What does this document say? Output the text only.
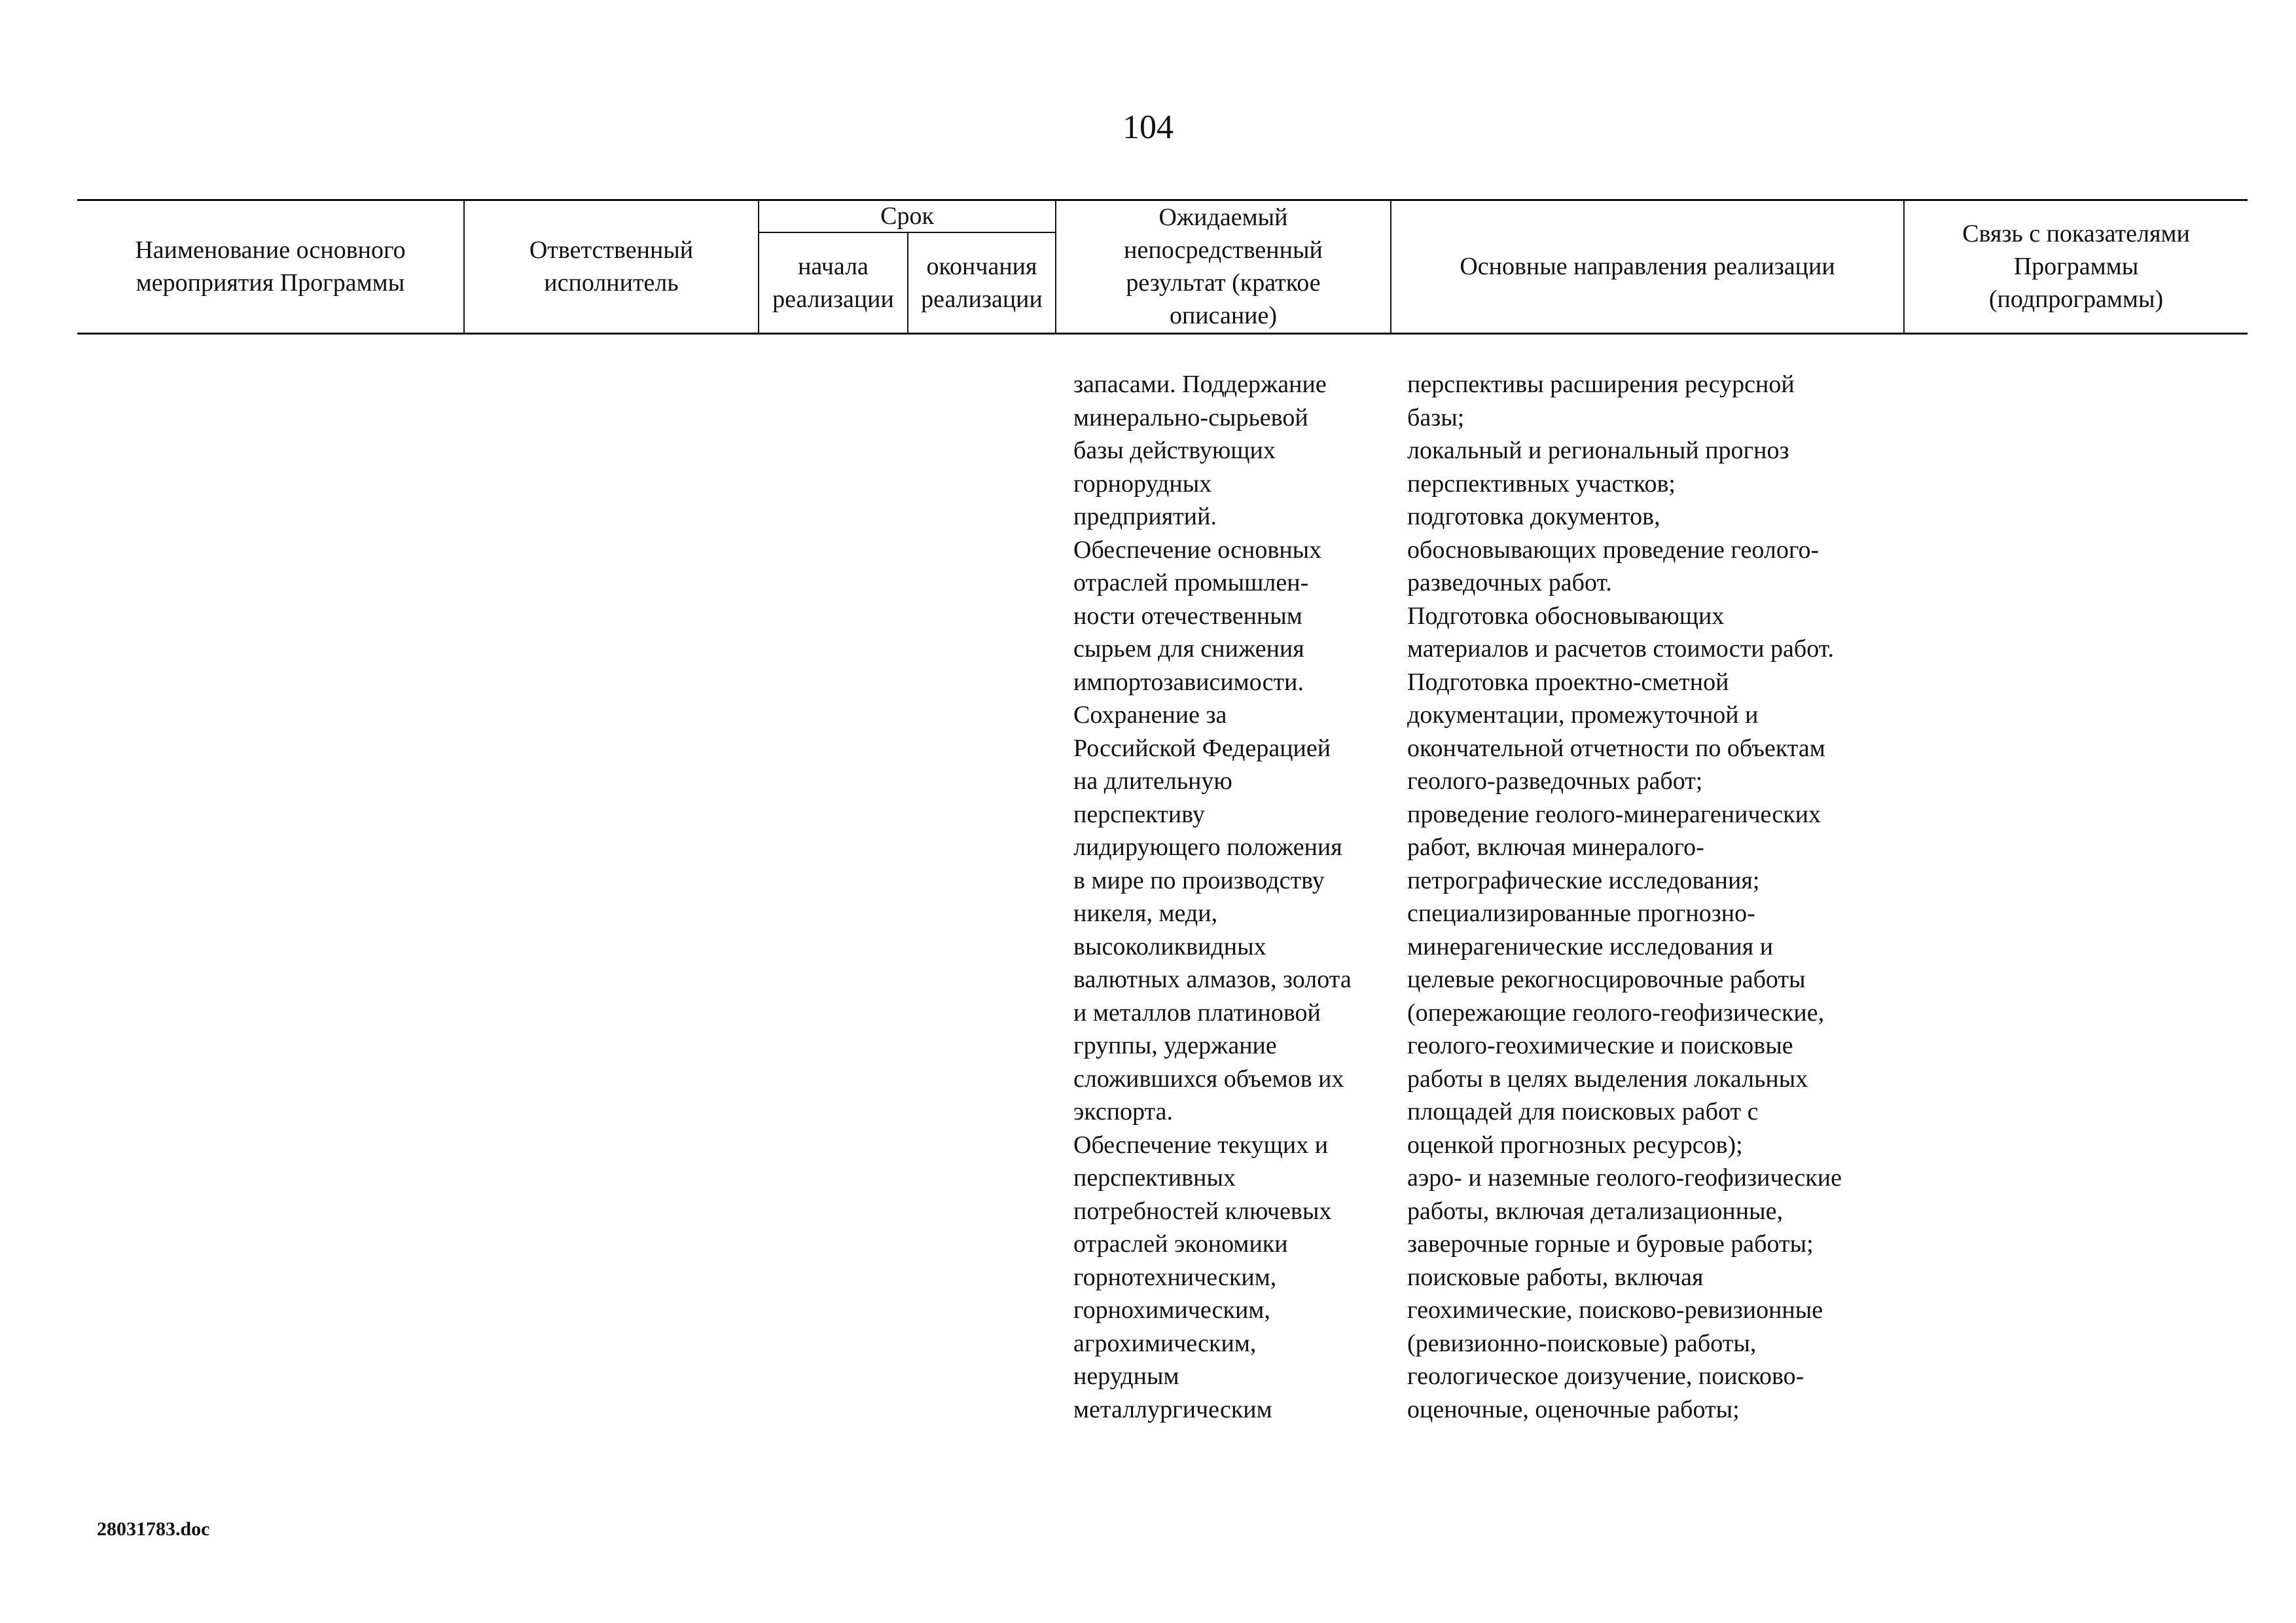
104
Наименование основного мероприятия Программы
Ответственный исполнитель
Срок
начала реализации
окончания реализации
Ожидаемый непосредственный результат (краткое описание)
Основные направления реализации
Связь с показателями Программы (подпрограммы)

запасами. Поддержание
минерально-сырьевой
базы действующих
горнорудных
предприятий.
Обеспечение основных
отраслей промышлен-
ности отечественным
сырьем для снижения
импортозависимости.
Сохранение за
Российской Федерацией
на длительную
перспективу
лидирующего положения
в мире по производству
никеля, меди,
высоколиквидных
валютных алмазов, золота
и металлов платиновой
группы, удержание
сложившихся объемов их
экспорта.
Обеспечение текущих и
перспективных
потребностей ключевых
отраслей экономики
горнотехническим,
горнохимическим,
агрохимическим,
нерудным
металлургическим

перспективы расширения ресурсной
базы;
локальный и региональный прогноз
перспективных участков;
подготовка документов,
обосновывающих проведение геолого-
разведочных работ.
Подготовка обосновывающих
материалов и расчетов стоимости работ.
Подготовка проектно-сметной
документации, промежуточной и
окончательной отчетности по объектам
геолого-разведочных работ;
проведение геолого-минерагенических
работ, включая минералого-
петрографические исследования;
специализированные прогнозно-
минерагенические исследования и
целевые рекогносцировочные работы
(опережающие геолого-геофизические,
геолого-геохимические и поисковые
работы в целях выделения локальных
площадей для поисковых работ с
оценкой прогнозных ресурсов);
аэро- и наземные геолого-геофизические
работы, включая детализационные,
заверочные горные и буровые работы;
поисковые работы, включая
геохимические, поисково-ревизионные
(ревизионно-поисковые) работы,
геологическое доизучение, поисково-
оценочные, оценочные работы;

28031783.doc
